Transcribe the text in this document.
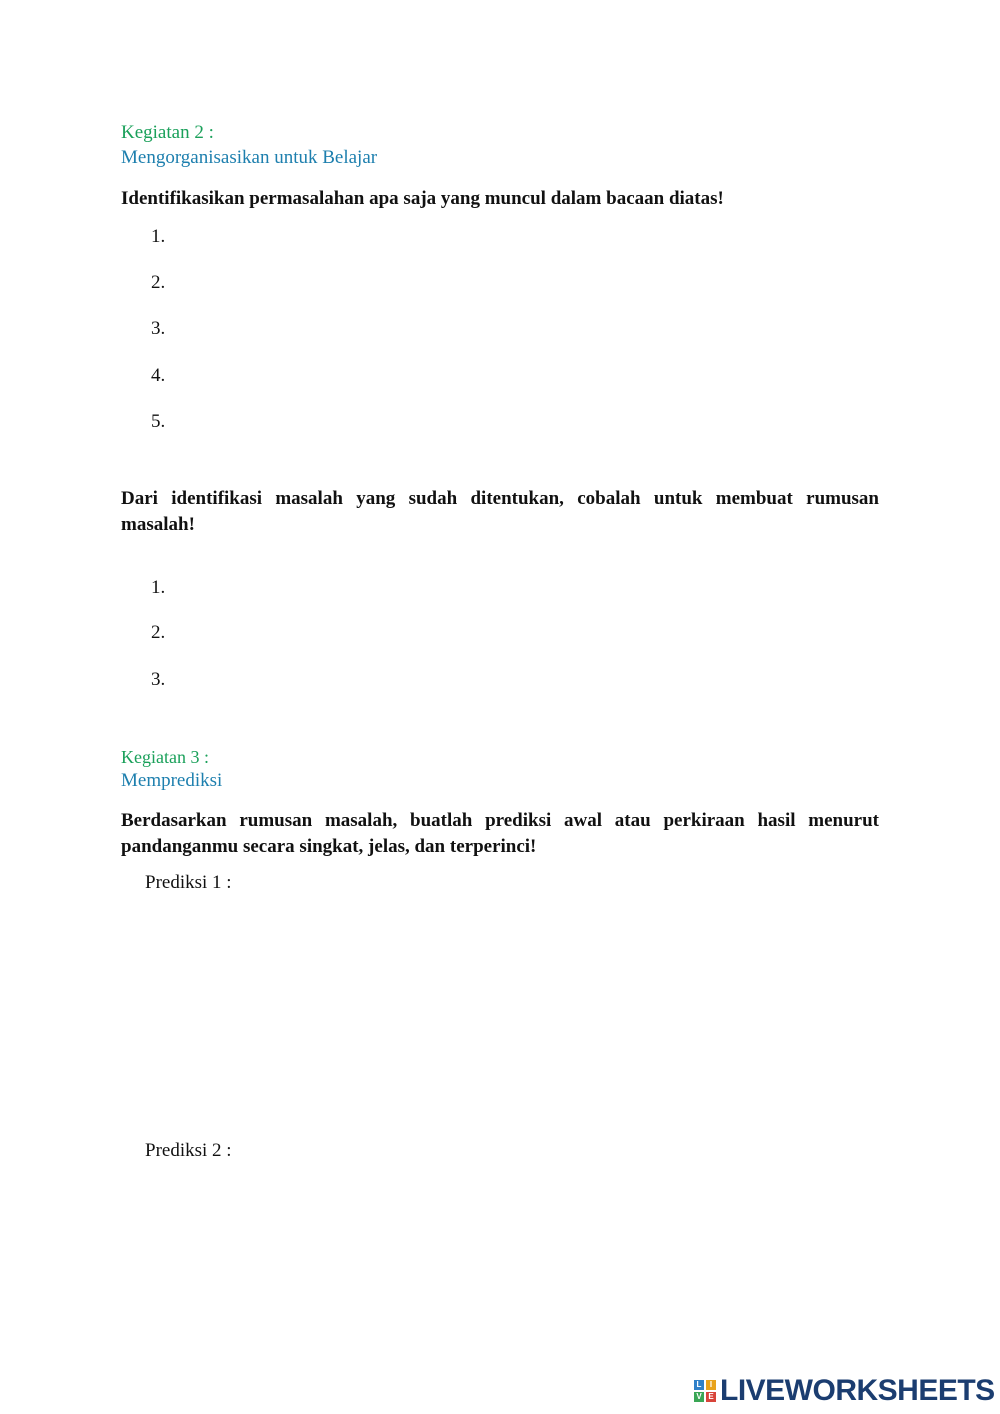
Kegiatan 2 :
Mengorganisasikan untuk Belajar
Identifikasikan permasalahan apa saja yang muncul dalam bacaan diatas!
1.
2.
3.
4.
5.
Dari identifikasi masalah yang sudah ditentukan, cobalah untuk membuat rumusan masalah!
1.
2.
3.
Kegiatan 3 :
Memprediksi
Berdasarkan rumusan masalah, buatlah prediksi awal atau perkiraan hasil menurut pandanganmu secara singkat, jelas, dan terperinci!
Prediksi 1 :
Prediksi 2 :
L	I
V E LIVEWORKSHEETS
